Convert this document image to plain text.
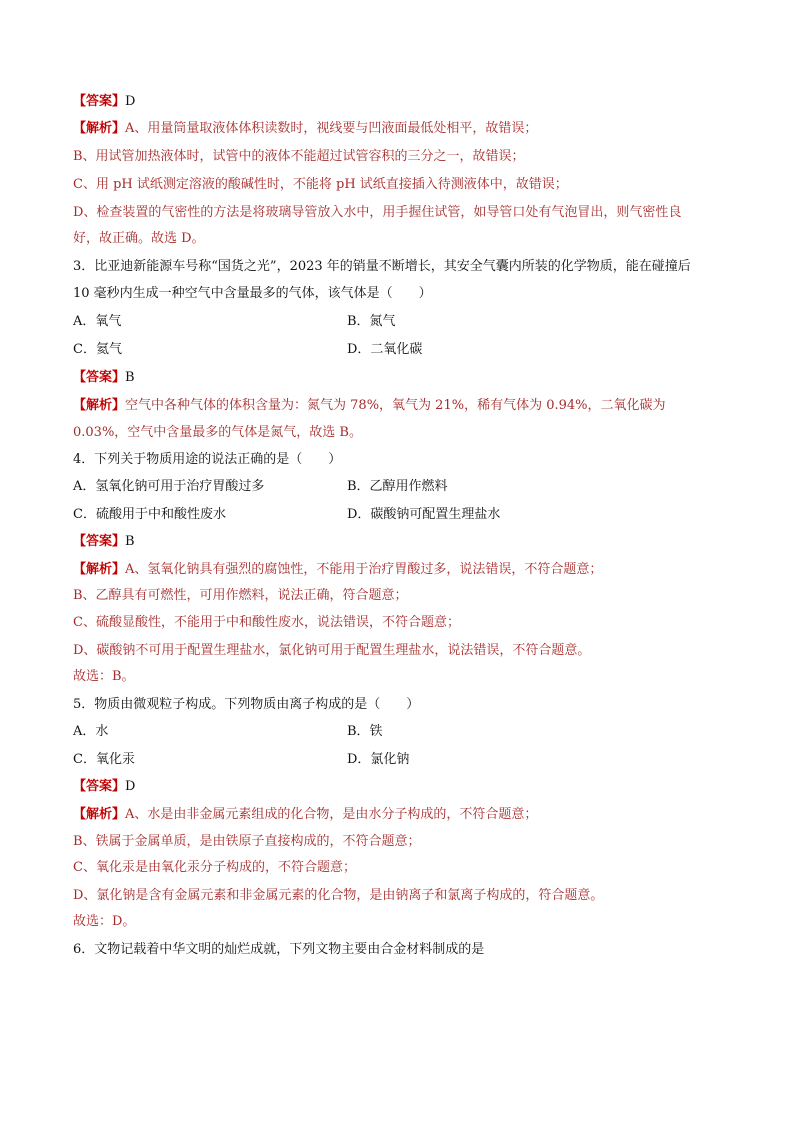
【答案】D
【解析】A、用量筒量取液体体积读数时，视线要与凹液面最低处相平，故错误；
B、用试管加热液体时，试管中的液体不能超过试管容积的三分之一，故错误；
C、用 pH 试纸测定溶液的酸碱性时，不能将 pH 试纸直接插入待测液体中，故错误；
D、检查装置的气密性的方法是将玻璃导管放入水中，用手握住试管，如导管口处有气泡冒出，则气密性良
好，故正确。故选 D。
3．比亚迪新能源车号称“国货之光”，2023 年的销量不断增长，其安全气囊内所装的化学物质，能在碰撞后
10 毫秒内生成一种空气中含量最多的气体，该气体是（　　）
A．氧气	B．氮气
C．氦气	D．二氧化碳
【答案】B
【解析】空气中各种气体的体积含量为：氮气为 78%，氧气为 21%，稀有气体为 0.94%，二氧化碳为
0.03%，空气中含量最多的气体是氮气，故选 B。
4．下列关于物质用途的说法正确的是（　　）
A．氢氧化钠可用于治疗胃酸过多	B．乙醇用作燃料
C．硫酸用于中和酸性废水	D．碳酸钠可配置生理盐水
【答案】B
【解析】A、氢氧化钠具有强烈的腐蚀性，不能用于治疗胃酸过多，说法错误，不符合题意；
B、乙醇具有可燃性，可用作燃料，说法正确，符合题意；
C、硫酸显酸性，不能用于中和酸性废水，说法错误，不符合题意；
D、碳酸钠不可用于配置生理盐水，氯化钠可用于配置生理盐水，说法错误，不符合题意。
故选：B。
5．物质由微观粒子构成。下列物质由离子构成的是（　　）
A．水	B．铁
C．氧化汞	D．氯化钠
【答案】D
【解析】A、水是由非金属元素组成的化合物，是由水分子构成的，不符合题意；
B、铁属于金属单质，是由铁原子直接构成的，不符合题意；
C、氧化汞是由氧化汞分子构成的，不符合题意；
D、氯化钠是含有金属元素和非金属元素的化合物，是由钠离子和氯离子构成的，符合题意。
故选：D。
6．文物记载着中华文明的灿烂成就，下列文物主要由合金材料制成的是
